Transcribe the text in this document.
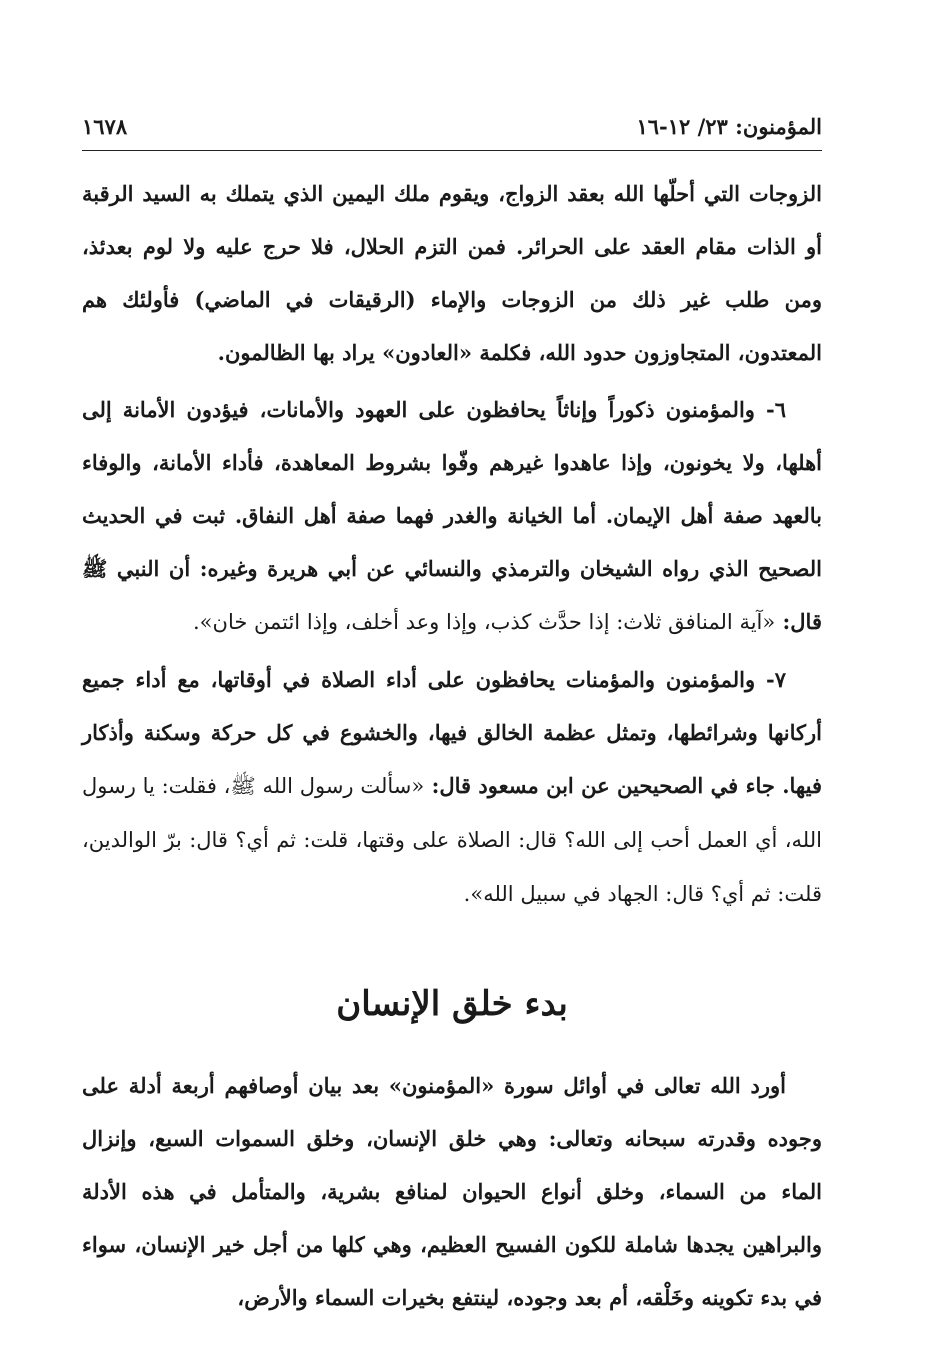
المؤمنون: ٢٣/ ١٢-١٦
١٦٧٨

الزوجات التي أحلّها الله بعقد الزواج، ويقوم ملك اليمين الذي يتملك به السيد الرقبة أو الذات مقام العقد على الحرائر. فمن التزم الحلال، فلا حرج عليه ولا لوم بعدئذ، ومن طلب غير ذلك من الزوجات والإماء (الرقيقات في الماضي) فأولئك هم المعتدون، المتجاوزون حدود الله، فكلمة «العادون» يراد بها الظالمون.

٦- والمؤمنون ذكوراً وإناثاً يحافظون على العهود والأمانات، فيؤدون الأمانة إلى أهلها، ولا يخونون، وإذا عاهدوا غيرهم وفّوا بشروط المعاهدة، فأداء الأمانة، والوفاء بالعهد صفة أهل الإيمان. أما الخيانة والغدر فهما صفة أهل النفاق. ثبت في الحديث الصحيح الذي رواه الشيخان والترمذي والنسائي عن أبي هريرة وغيره: أن النبي ﷺ قال: «آية المنافق ثلاث: إذا حدَّث كذب، وإذا وعد أخلف، وإذا ائتمن خان».

٧- والمؤمنون والمؤمنات يحافظون على أداء الصلاة في أوقاتها، مع أداء جميع أركانها وشرائطها، وتمثل عظمة الخالق فيها، والخشوع في كل حركة وسكنة وأذكار فيها. جاء في الصحيحين عن ابن مسعود قال: «سألت رسول الله ﷺ، فقلت: يا رسول الله، أي العمل أحب إلى الله؟ قال: الصلاة على وقتها، قلت: ثم أي؟ قال: برّ الوالدين، قلت: ثم أي؟ قال: الجهاد في سبيل الله».

بدء خلق الإنسان

أورد الله تعالى في أوائل سورة «المؤمنون» بعد بيان أوصافهم أربعة أدلة على وجوده وقدرته سبحانه وتعالى: وهي خلق الإنسان، وخلق السموات السبع، وإنزال الماء من السماء، وخلق أنواع الحيوان لمنافع بشرية، والمتأمل في هذه الأدلة والبراهين يجدها شاملة للكون الفسيح العظيم، وهي كلها من أجل خير الإنسان، سواء في بدء تكوينه وخَلْقه، أم بعد وجوده، لينتفع بخيرات السماء والأرض،
